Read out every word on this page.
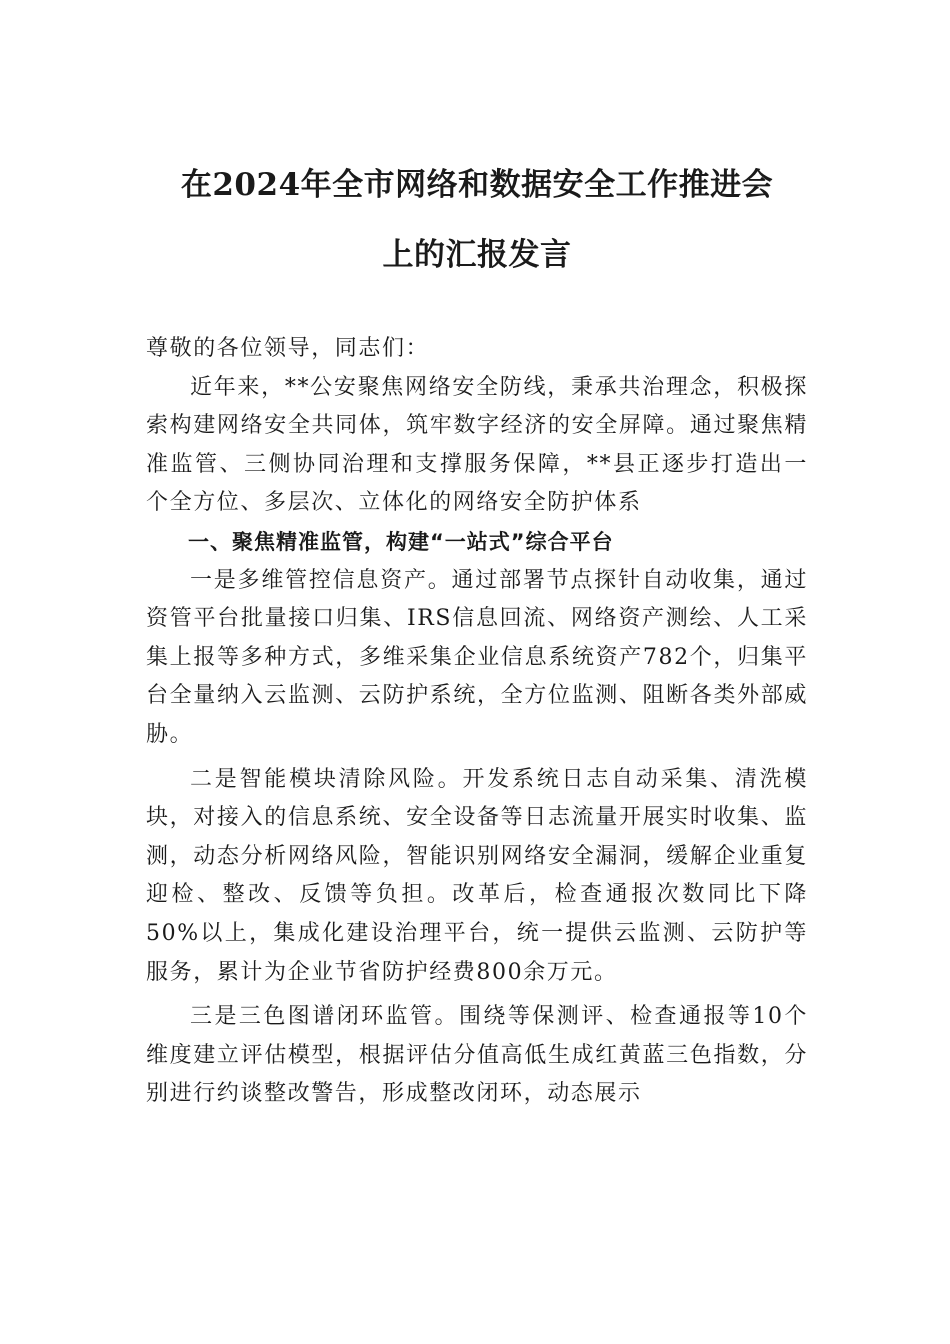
在2024年全市网络和数据安全工作推进会
上的汇报发言

尊敬的各位领导，同志们：

近年来，**公安聚焦网络安全防线，秉承共治理念，积极探索构建网络安全共同体，筑牢数字经济的安全屏障。通过聚焦精准监管、三侧协同治理和支撑服务保障，**县正逐步打造出一个全方位、多层次、立体化的网络安全防护体系

一、聚焦精准监管，构建“一站式”综合平台

一是多维管控信息资产。通过部署节点探针自动收集，通过资管平台批量接口归集、IRS信息回流、网络资产测绘、人工采集上报等多种方式，多维采集企业信息系统资产782个，归集平台全量纳入云监测、云防护系统，全方位监测、阻断各类外部威胁。

二是智能模块清除风险。开发系统日志自动采集、清洗模块，对接入的信息系统、安全设备等日志流量开展实时收集、监测，动态分析网络风险，智能识别网络安全漏洞，缓解企业重复迎检、整改、反馈等负担。改革后，检查通报次数同比下降50%以上，集成化建设治理平台，统一提供云监测、云防护等服务，累计为企业节省防护经费800余万元。

三是三色图谱闭环监管。围绕等保测评、检查通报等10个维度建立评估模型，根据评估分值高低生成红黄蓝三色指数，分别进行约谈整改警告，形成整改闭环，动态展示
